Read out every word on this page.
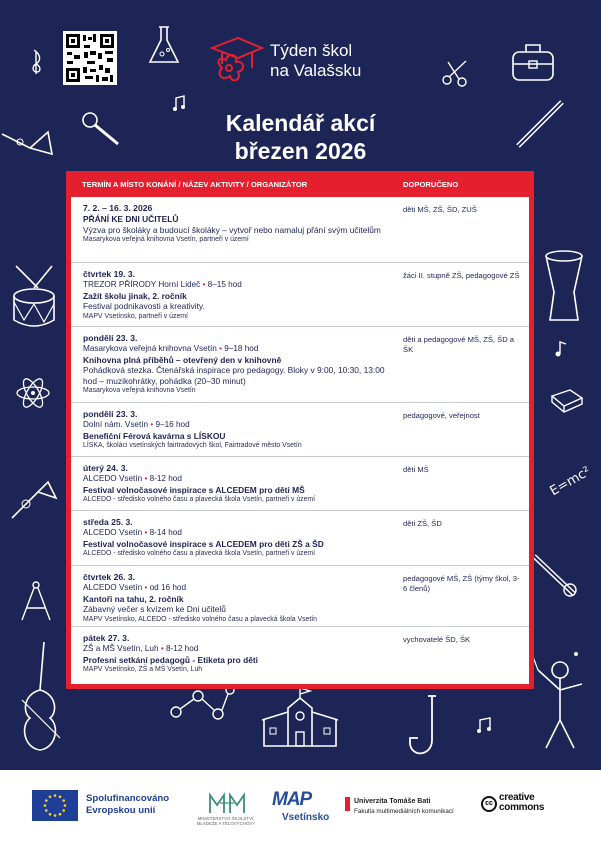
E=mc²
Týden škol
na Valašsku
Kalendář akcí
březen 2026
TERMÍN A MÍSTO KONÁNÍ / NÁZEV AKTIVITY / ORGANIZÁTOR	DOPORUČENO
7. 2. – 16. 3. 2026
PŘÁNÍ KE DNI UČITELŮ
Výzva pro školáky a budoucí školáky – vytvoř nebo namaluj přání svým učitelům
Masarykova veřejná knihovna Vsetín, partneři v území
děti MŠ, ZŠ, ŠD, ZUŠ
čtvrtek 19. 3.
TREZOR PŘÍRODY Horní Lideč • 8–15 hod
Zažít školu jinak, 2. ročník
Festival podnikavosti a kreativity.
MAPV Vsetínsko, partneři v území
žáci II. stupně ZŠ, pedagogové ZŠ
pondělí 23. 3.
Masarykova veřejná knihovna Vsetín • 9–18 hod
Knihovna plná příběhů – otevřený den v knihovně
Pohádková stezka. Čtenářská inspirace pro pedagogy. Bloky v 9:00, 10:30, 13:00 hod – muzikohrátky, pohádka (20–30 minut)
Masarykova veřejná knihovna Vsetín
děti a pedagogové MŠ, ZŠ, ŠD a ŠK
pondělí 23. 3.
Dolní nám. Vsetín • 9–16 hod
Benefiční Férová kavárna s LÍSKOU
LÍSKA, školáci vsetínských fairtradových škol, Fairtradové město Vsetín
pedagogové, veřejnost
úterý 24. 3.
ALCEDO Vsetín • 8-12 hod
Festival volnočasové inspirace s ALCEDEM pro děti MŠ
ALCEDO - středisko volného času a plavecká škola Vsetín, partneři v území
děti MŠ
středa 25. 3.
ALCEDO Vsetín • 8-14 hod
Festival volnočasové inspirace s ALCEDEM pro děti ZŠ a ŠD
ALCEDO - středisko volného času a plavecká škola Vsetín, partneři v území
děti ZŠ, ŠD
čtvrtek 26. 3.
ALCEDO Vsetín • od 16 hod
Kantoři na tahu, 2. ročník
Zábavný večer s kvízem ke Dni učitelů
MAPV Vsetínsko, ALCEDO - středisko volného času a plavecká škola Vsetín
pedagogové MŠ, ZŠ (týmy škol, 3-6 členů)
pátek 27. 3.
ZŠ a MŠ Vsetín, Luh • 8-12 hod
Profesní setkání pedagogů - Etiketa pro děti
MAPV Vsetínsko, ZŠ a MŠ Vsetín, Luh
vychovatelé ŠD, ŠK
Spolufinancováno
Evropskou unií
MINISTERSTVO ŠKOLSTVÍ, MLÁDEŽE A TĚLOVÝCHOVY
MAP
Vsetínsko
Univerzita Tomáše Bati
Fakulta multimediálních komunikací
cc
creative
commons
